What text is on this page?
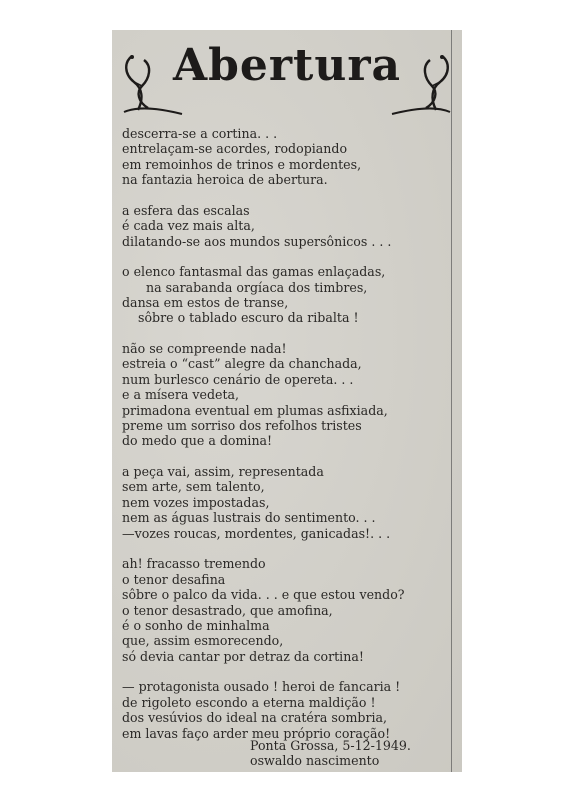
Abertura
descerra-se a cortina. . .
entrelaçam-se acordes, rodopiando
em remoinhos de trinos e mordentes,
na fantazia heroica de abertura.
a esfera das escalas
é cada vez mais alta,
dilatando-se aos mundos supersônicos . . .
o elenco fantasmal das gamas enlaçadas,
na sarabanda orgíaca dos timbres,
dansa em estos de transe,
sôbre o tablado escuro da ribalta !
não se compreende nada!
estreia o “cast” alegre da chanchada,
num burlesco cenário de opereta. . .
e a mísera vedeta,
primadona eventual em plumas asfixiada,
preme um sorriso dos refolhos tristes
do medo que a domina!
a peça vai, assim, representada
sem arte, sem talento,
nem vozes impostadas,
nem as águas lustrais do sentimento. . .
—vozes roucas, mordentes, ganicadas!. . .
ah! fracasso tremendo
o tenor desafina
sôbre o palco da vida. . . e que estou vendo?
o tenor desastrado, que amofina,
é o sonho de minhalma
que, assim esmorecendo,
só devia cantar por detraz da cortina!
— protagonista ousado ! heroi de fancaria !
de rigoleto escondo a eterna maldição !
dos vesúvios do ideal na cratéra sombria,
em lavas faço arder meu próprio coração!
Ponta Grossa, 5-12-1949.
oswaldo nascimento
